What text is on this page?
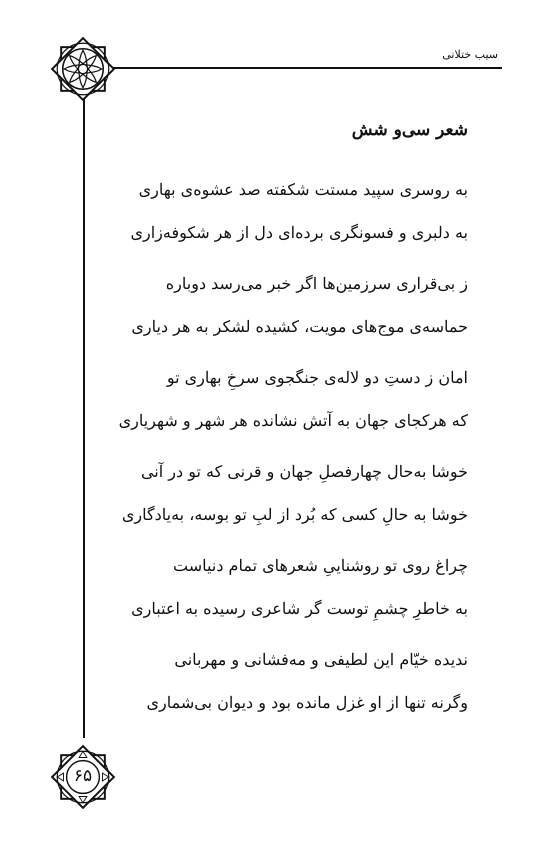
سیب ختلانی
شعر سی‌و شش
به روسری سپید مستت شکفته صد عشوه‌ی بهاری
به دلبری و فسونگری برده‌ای دل از هر شکوفه‌زاری
ز بی‌قراری سرزمین‌ها اگر خبر می‌رسد دوباره
حماسه‌ی موج‌های مویت، کشیده لشکر به هر دیاری
امان ز دستِ دو لاله‌ی جنگجوی سرخِ بهاری تو
که هرکجای جهان به آتش نشانده هر شهر و شهریاری
خوشا به‌حال چهارفصلِ جهان و قرنی که تو در آنی
خوشا به حالِ کسی که بُرد از لبِ تو بوسه، به‌یادگاری
چراغ روی تو روشناییِ شعرهای تمام دنیاست
به خاطرِ چشمِ توست گر شاعری رسیده به اعتباری
ندیده خیّام این لطیفی و مه‌فشانی و مهربانی
وگرنه تنها از او غزل مانده بود و دیوان بی‌شماری
۶۵
